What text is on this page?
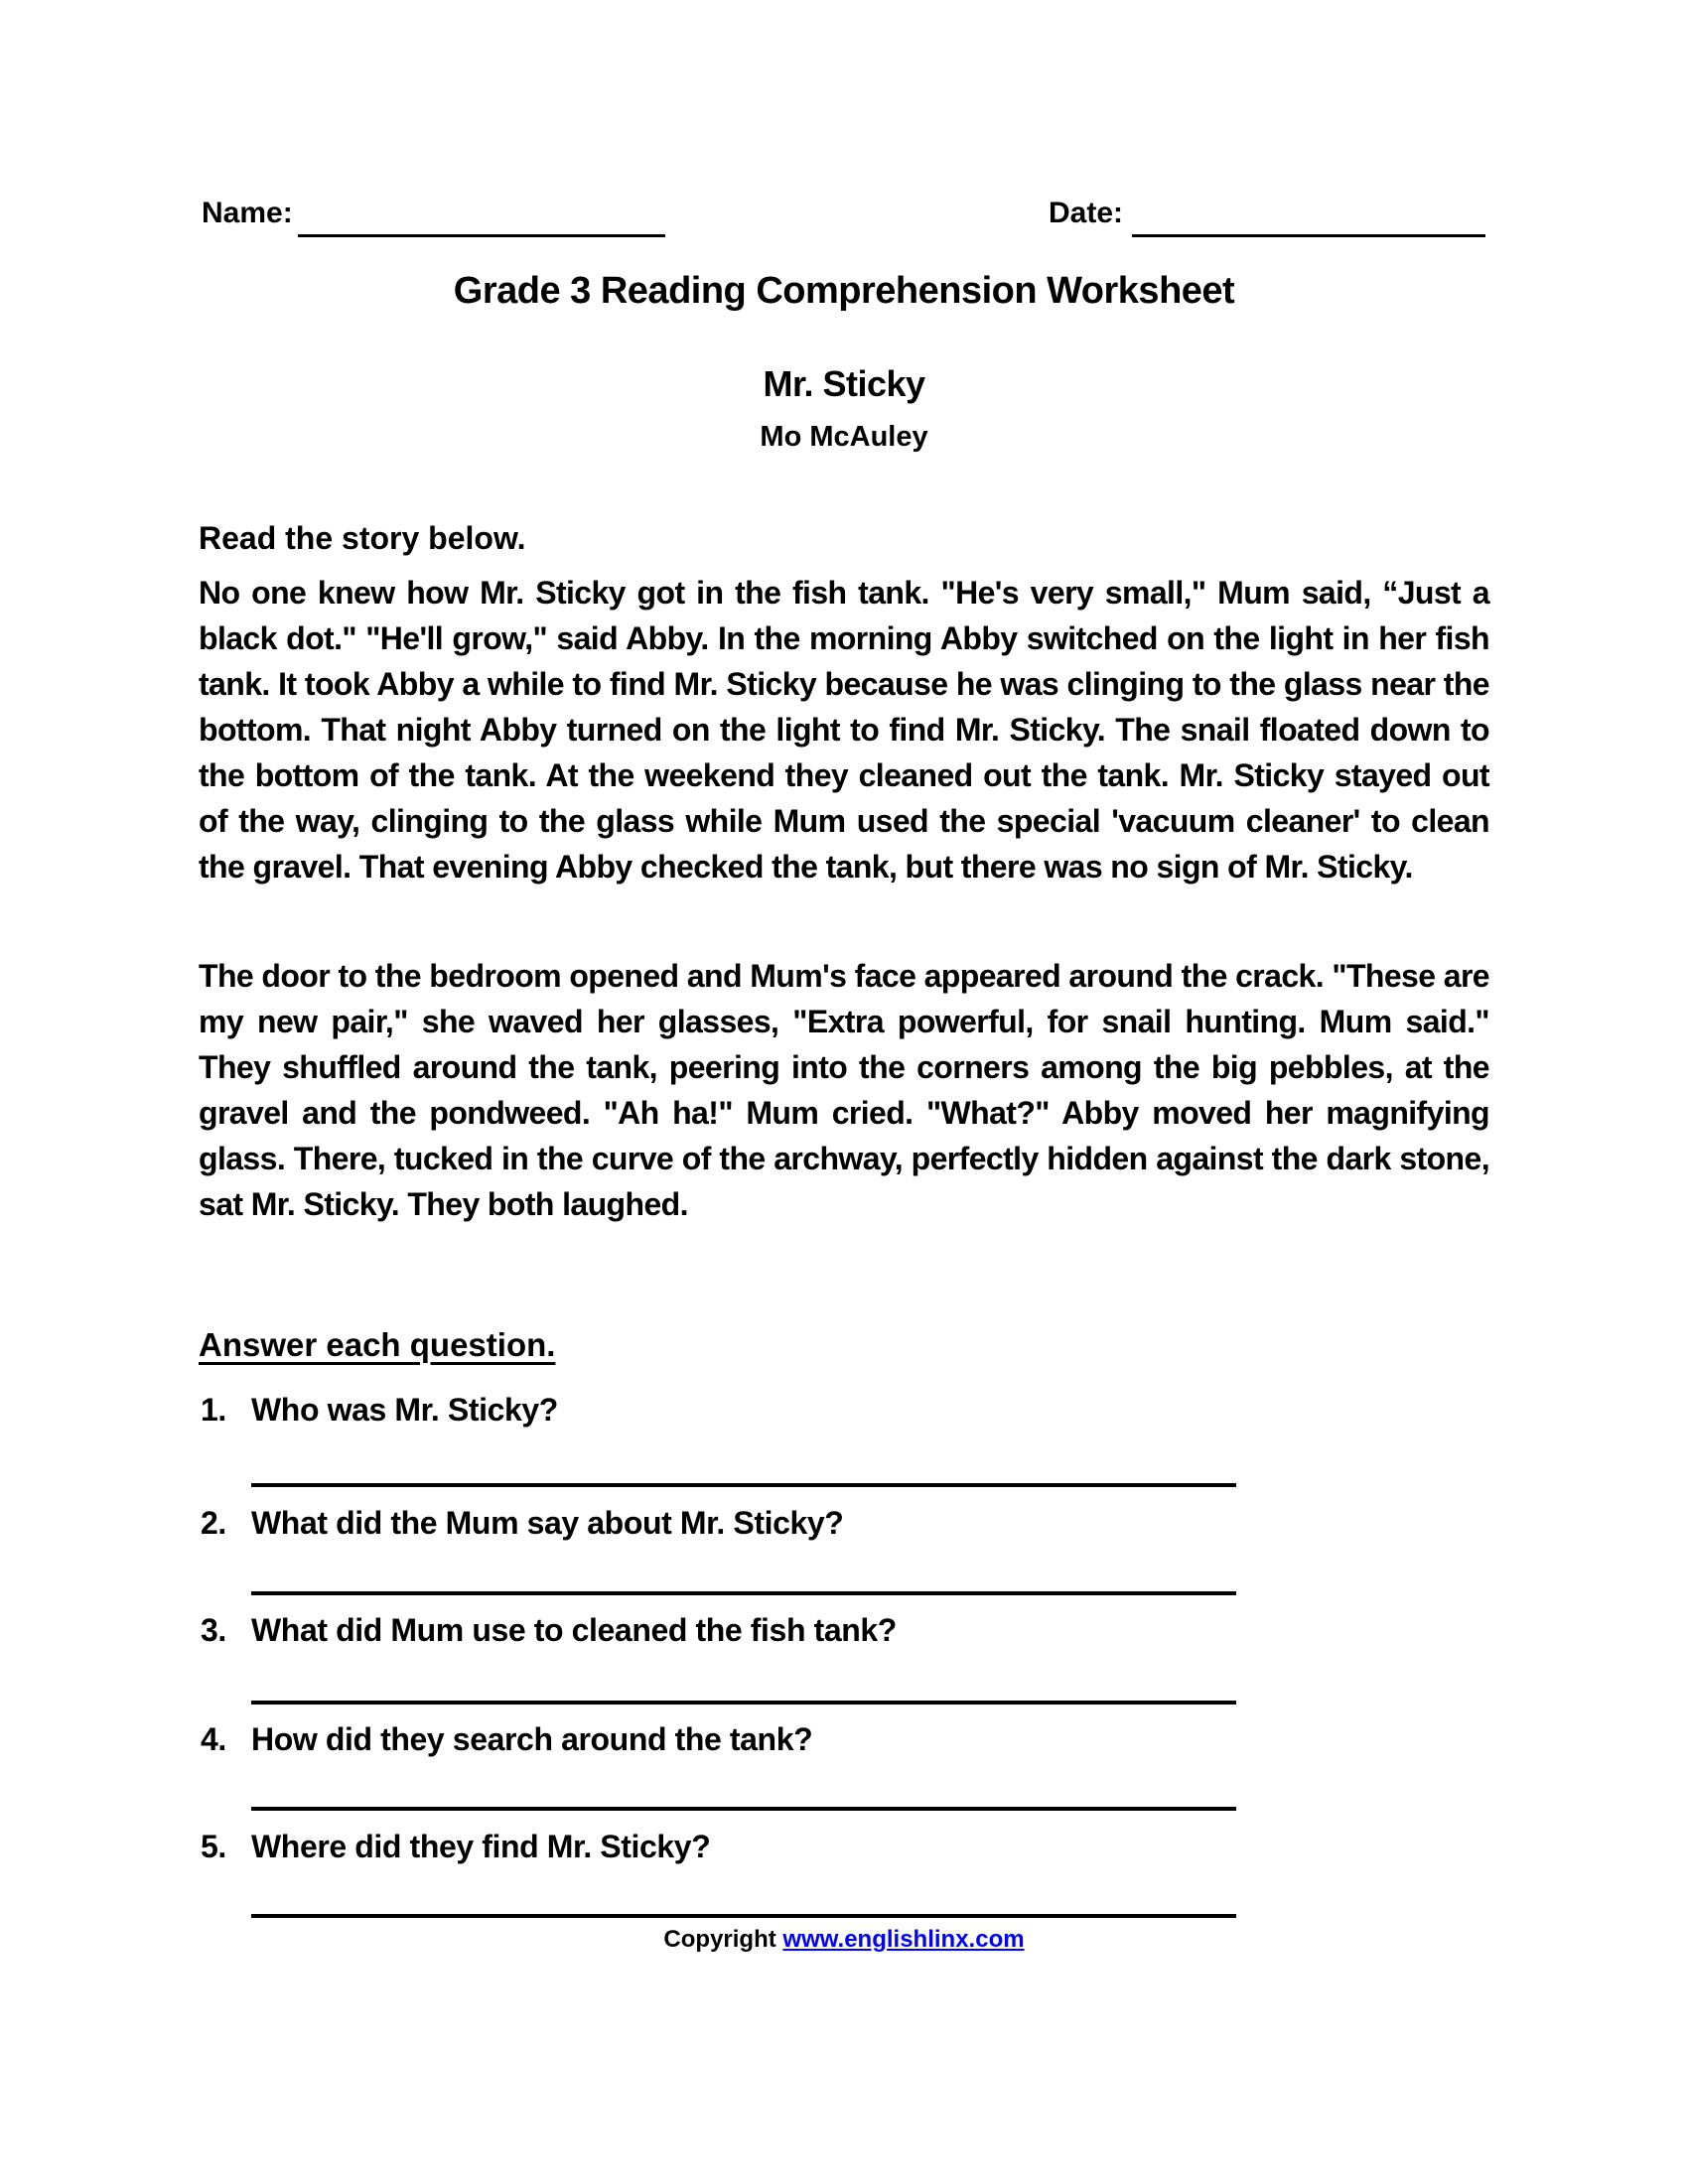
Name:	Date:
Grade 3 Reading Comprehension Worksheet
Mr. Sticky
Mo McAuley
Read the story below.
No one knew how Mr. Sticky got in the fish tank. "He's very small," Mum said, “Just a black dot." "He'll grow," said Abby. In the morning Abby switched on the light in her fish tank. It took Abby a while to find Mr. Sticky because he was clinging to the glass near the bottom. That night Abby turned on the light to find Mr. Sticky. The snail floated down to the bottom of the tank. At the weekend they cleaned out the tank. Mr. Sticky stayed out of the way, clinging to the glass while Mum used the special 'vacuum cleaner' to clean the gravel. That evening Abby checked the tank, but there was no sign of Mr. Sticky.
The door to the bedroom opened and Mum's face appeared around the crack. "These are my new pair," she waved her glasses, "Extra powerful, for snail hunting. Mum said." They shuffled around the tank, peering into the corners among the big pebbles, at the gravel and the pondweed. "Ah ha!" Mum cried. "What?" Abby moved her magnifying glass. There, tucked in the curve of the archway, perfectly hidden against the dark stone, sat Mr. Sticky. They both laughed.
Answer each question.
1. Who was Mr. Sticky?
2. What did the Mum say about Mr. Sticky?
3. What did Mum use to cleaned the fish tank?
4. How did they search around the tank?
5. Where did they find Mr. Sticky?
Copyright www.englishlinx.com
